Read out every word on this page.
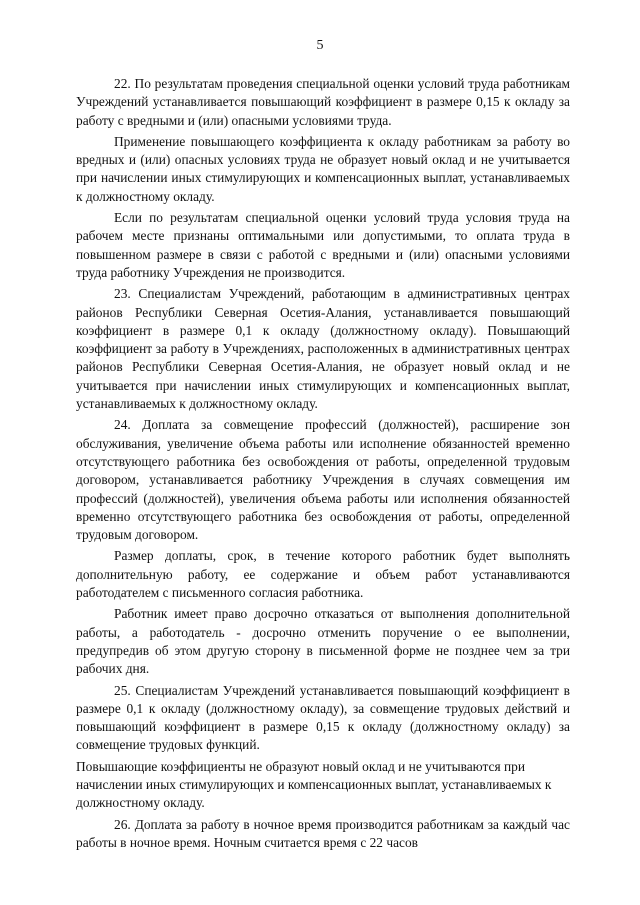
5

22. По результатам проведения специальной оценки условий труда работникам Учреждений устанавливается повышающий коэффициент в размере 0,15 к окладу за работу с вредными и (или) опасными условиями труда.

Применение повышающего коэффициента к окладу работникам за работу во вредных и (или) опасных условиях труда не образует новый оклад и не учитывается при начислении иных стимулирующих и компенсационных выплат, устанавливаемых к должностному окладу.

Если по результатам специальной оценки условий труда условия труда на рабочем месте признаны оптимальными или допустимыми, то оплата труда в повышенном размере в связи с работой с вредными и (или) опасными условиями труда работнику Учреждения не производится.

23. Специалистам Учреждений, работающим в административных центрах районов Республики Северная Осетия-Алания, устанавливается повышающий коэффициент в размере 0,1 к окладу (должностному окладу). Повышающий коэффициент за работу в Учреждениях, расположенных в административных центрах районов Республики Северная Осетия-Алания, не образует новый оклад и не учитывается при начислении иных стимулирующих и компенсационных выплат, устанавливаемых к должностному окладу.

24. Доплата за совмещение профессий (должностей), расширение зон обслуживания, увеличение объема работы или исполнение обязанностей временно отсутствующего работника без освобождения от работы, определенной трудовым договором, устанавливается работнику Учреждения в случаях совмещения им профессий (должностей), увеличения объема работы или исполнения обязанностей временно отсутствующего работника без освобождения от работы, определенной трудовым договором.

Размер доплаты, срок, в течение которого работник будет выполнять дополнительную работу, ее содержание и объем работ устанавливаются работодателем с письменного согласия работника.

Работник имеет право досрочно отказаться от выполнения дополнительной работы, а работодатель - досрочно отменить поручение о ее выполнении, предупредив об этом другую сторону в письменной форме не позднее чем за три рабочих дня.

25. Специалистам Учреждений устанавливается повышающий коэффициент в размере 0,1 к окладу (должностному окладу), за совмещение трудовых действий и повышающий коэффициент в размере 0,15 к окладу (должностному окладу) за совмещение трудовых функций.

Повышающие коэффициенты не образуют новый оклад и не учитываются при начислении иных стимулирующих и компенсационных выплат, устанавливаемых к должностному окладу.

26. Доплата за работу в ночное время производится работникам за каждый час работы в ночное время. Ночным считается время с 22 часов
